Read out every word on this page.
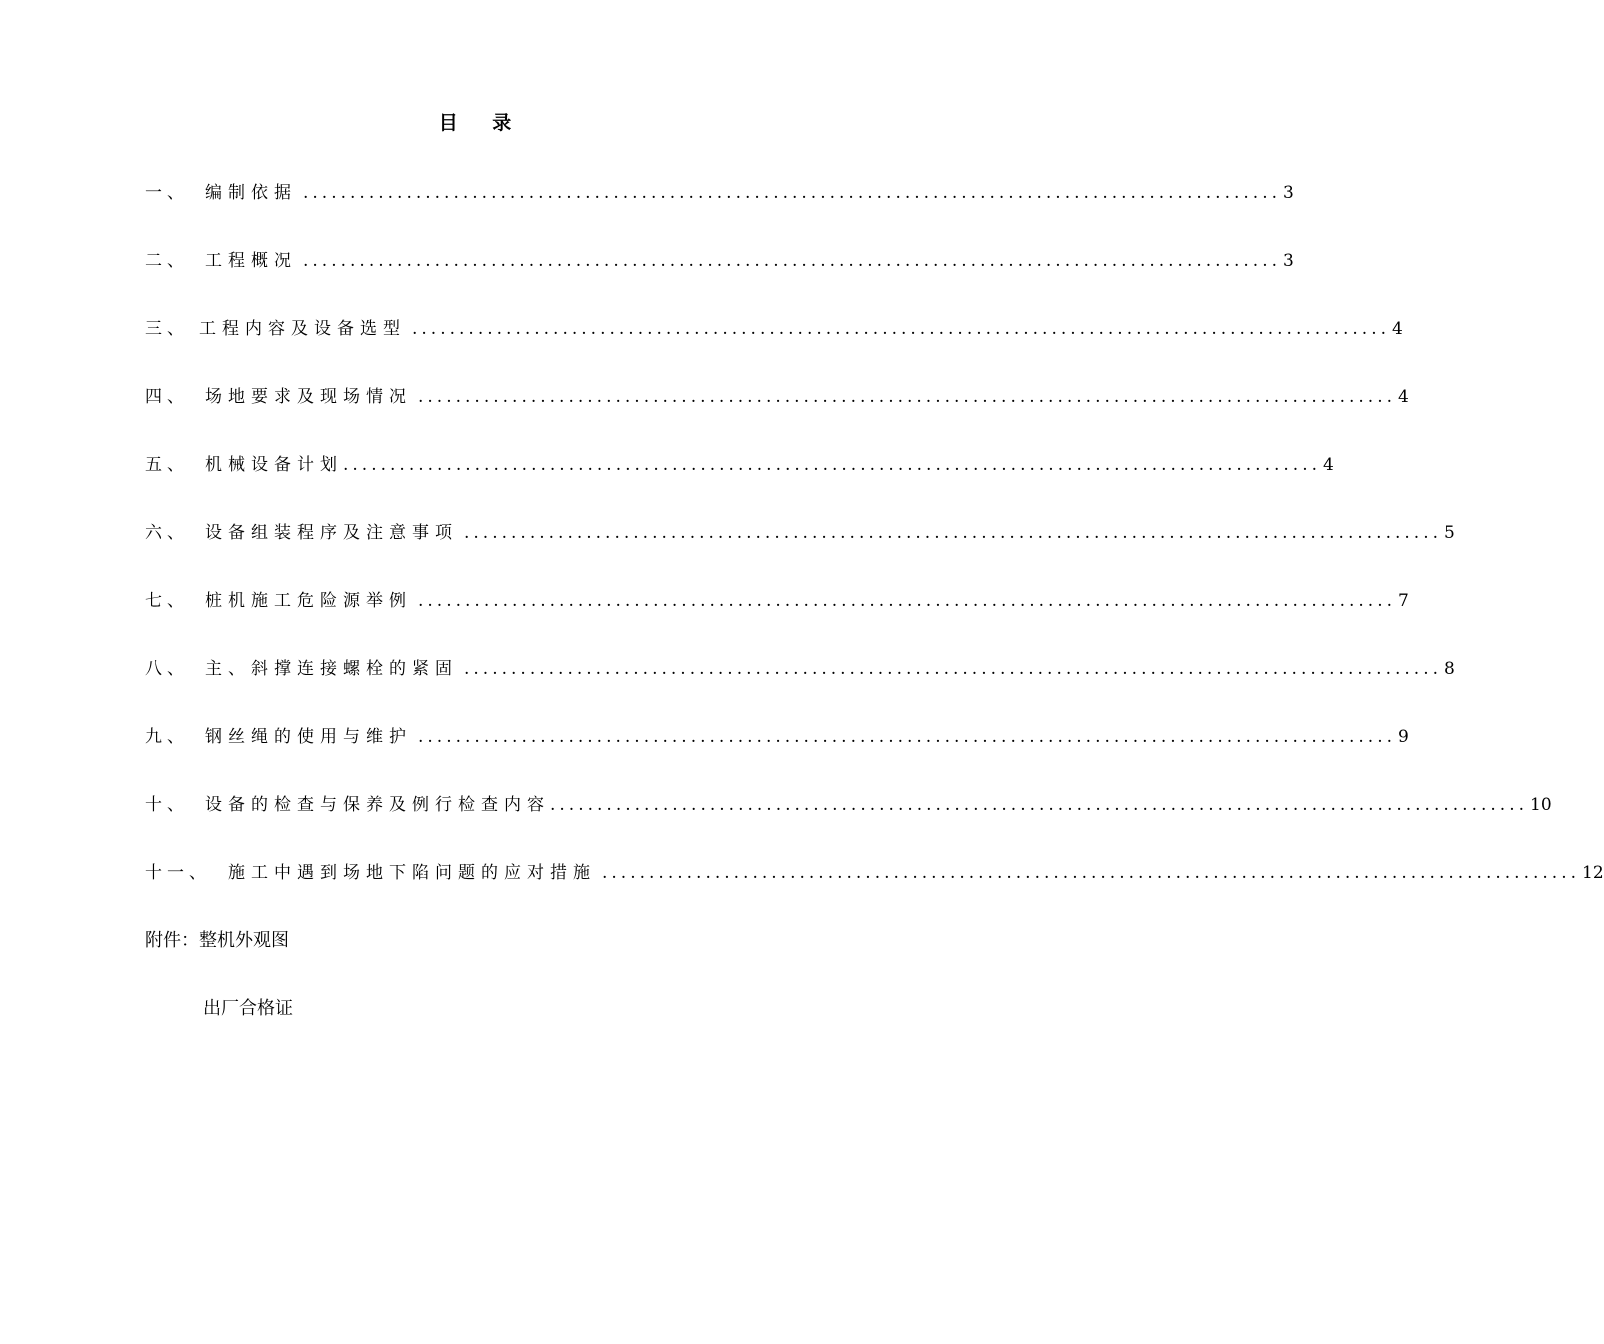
目 录
一、 编制依据 ........................................................................................................ 3
二、 工程概况 ........................................................................................................ 3
三、 工程内容及设备选型 ........................................................................................................ 4
四、 场地要求及现场情况 ........................................................................................................ 4
五、 机械设备计划 ........................................................................................................ 4
六、 设备组装程序及注意事项 ........................................................................................................ 5
七、 桩机施工危险源举例 ........................................................................................................ 7
八、 主、斜撑连接螺栓的紧固 ........................................................................................................ 8
九、 钢丝绳的使用与维护 ........................................................................................................ 9
十、 设备的检查与保养及例行检查内容 ........................................................................................................ 10
十一、	施工中遇到场地下陷问题的应对措施 ........................................................................................................ 12
附件：整机外观图
出厂合格证
